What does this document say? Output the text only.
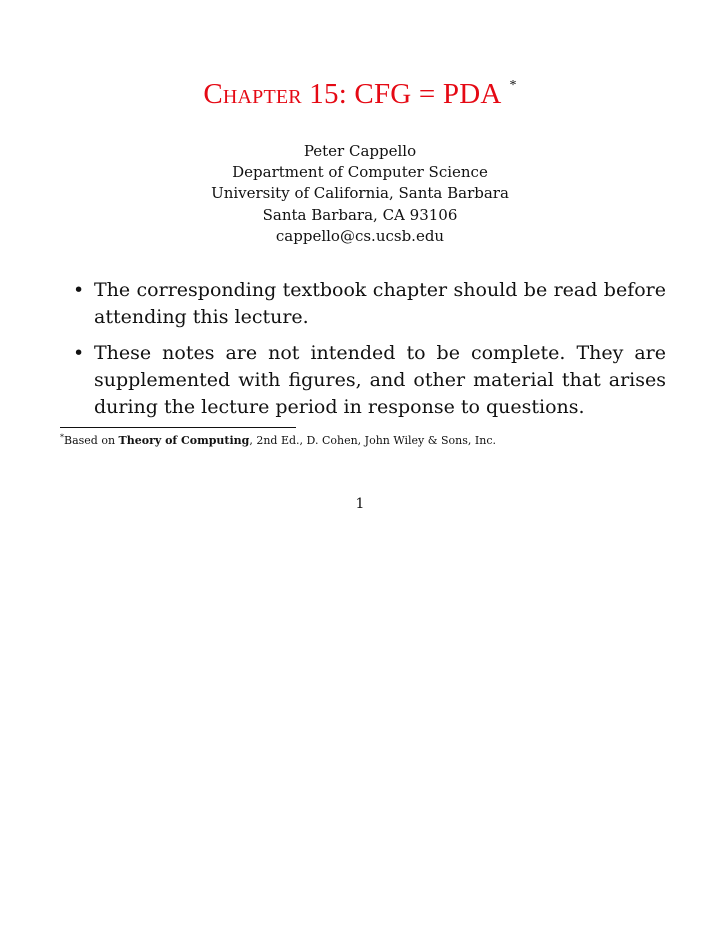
Chapter 15: CFG = PDA *
Peter Cappello
Department of Computer Science
University of California, Santa Barbara
Santa Barbara, CA 93106
cappello@cs.ucsb.edu
• The corresponding textbook chapter should be read before attending this lecture.
• These notes are not intended to be complete. They are supplemented with figures, and other material that arises during the lecture period in response to questions.
*Based on Theory of Computing, 2nd Ed., D. Cohen, John Wiley & Sons, Inc.
1
